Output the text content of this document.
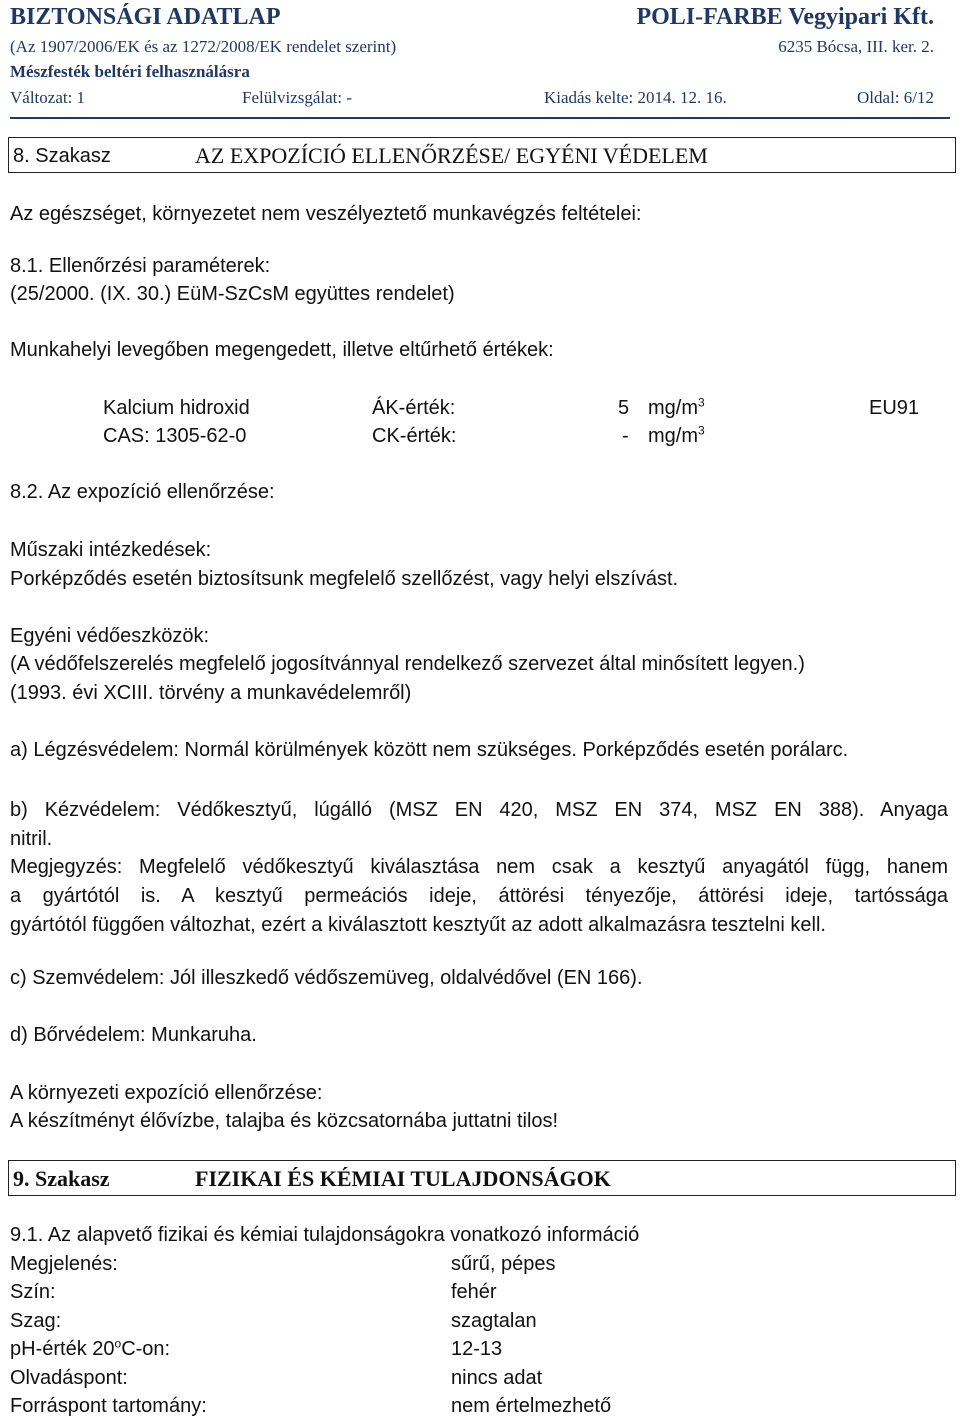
BIZTONSÁGI ADATLAP	POLI-FARBE Vegyipari Kft.
(Az 1907/2006/EK és az 1272/2008/EK rendelet szerint)	6235 Bócsa, III. ker. 2.
Mészfesték beltéri felhasználásra
Változat: 1	Felülvizsgálat: -	Kiadás kelte: 2014. 12. 16.	Oldal: 6/12
8. Szakasz	AZ EXPOZÍCIÓ ELLENŐRZÉSE/ EGYÉNI VÉDELEM
Az egészséget, környezetet nem veszélyeztető munkavégzés feltételei:
8.1. Ellenőrzési paraméterek:
(25/2000. (IX. 30.) EüM-SzCsM együttes rendelet)
Munkahelyi levegőben megengedett, illetve eltűrhető értékek:
Kalcium hidroxid	ÁK-érték:	5 $mg/m^3$	EU91
CAS: 1305-62-0	CK-érték:	- $mg/m^3$
8.2. Az expozíció ellenőrzése:
Műszaki intézkedések:
Porképződés esetén biztosítsunk megfelelő szellőzést, vagy helyi elszívást.
Egyéni védőeszközök:
(A védőfelszerelés megfelelő jogosítvánnyal rendelkező szervezet által minősített legyen.)
(1993. évi XCIII. törvény a munkavédelemről)
a) Légzésvédelem: Normál körülmények között nem szükséges. Porképződés esetén porálarc.
b) Kézvédelem: Védőkesztyű, lúgálló (MSZ EN 420, MSZ EN 374, MSZ EN 388). Anyaga
nitril.
Megjegyzés: Megfelelő védőkesztyű kiválasztása nem csak a kesztyű anyagától függ, hanem
a gyártótól is. A kesztyű permeációs ideje, áttörési tényezője, áttörési ideje, tartóssága
gyártótól függően változhat, ezért a kiválasztott kesztyűt az adott alkalmazásra tesztelni kell.
c) Szemvédelem: Jól illeszkedő védőszemüveg, oldalvédővel (EN 166).
d) Bőrvédelem: Munkaruha.
A környezeti expozíció ellenőrzése:
A készítményt élővízbe, talajba és közcsatornába juttatni tilos!
9. Szakasz	FIZIKAI ÉS KÉMIAI TULAJDONSÁGOK
9.1. Az alapvető fizikai és kémiai tulajdonságokra vonatkozó információ
Megjelenés:	sűrű, pépes
Szín:	fehér
Szag:	szagtalan
pH-érték 20$^o$C-on:	12-13
Olvadáspont:	nincs adat
Forráspont tartomány:	nem értelmezhető
